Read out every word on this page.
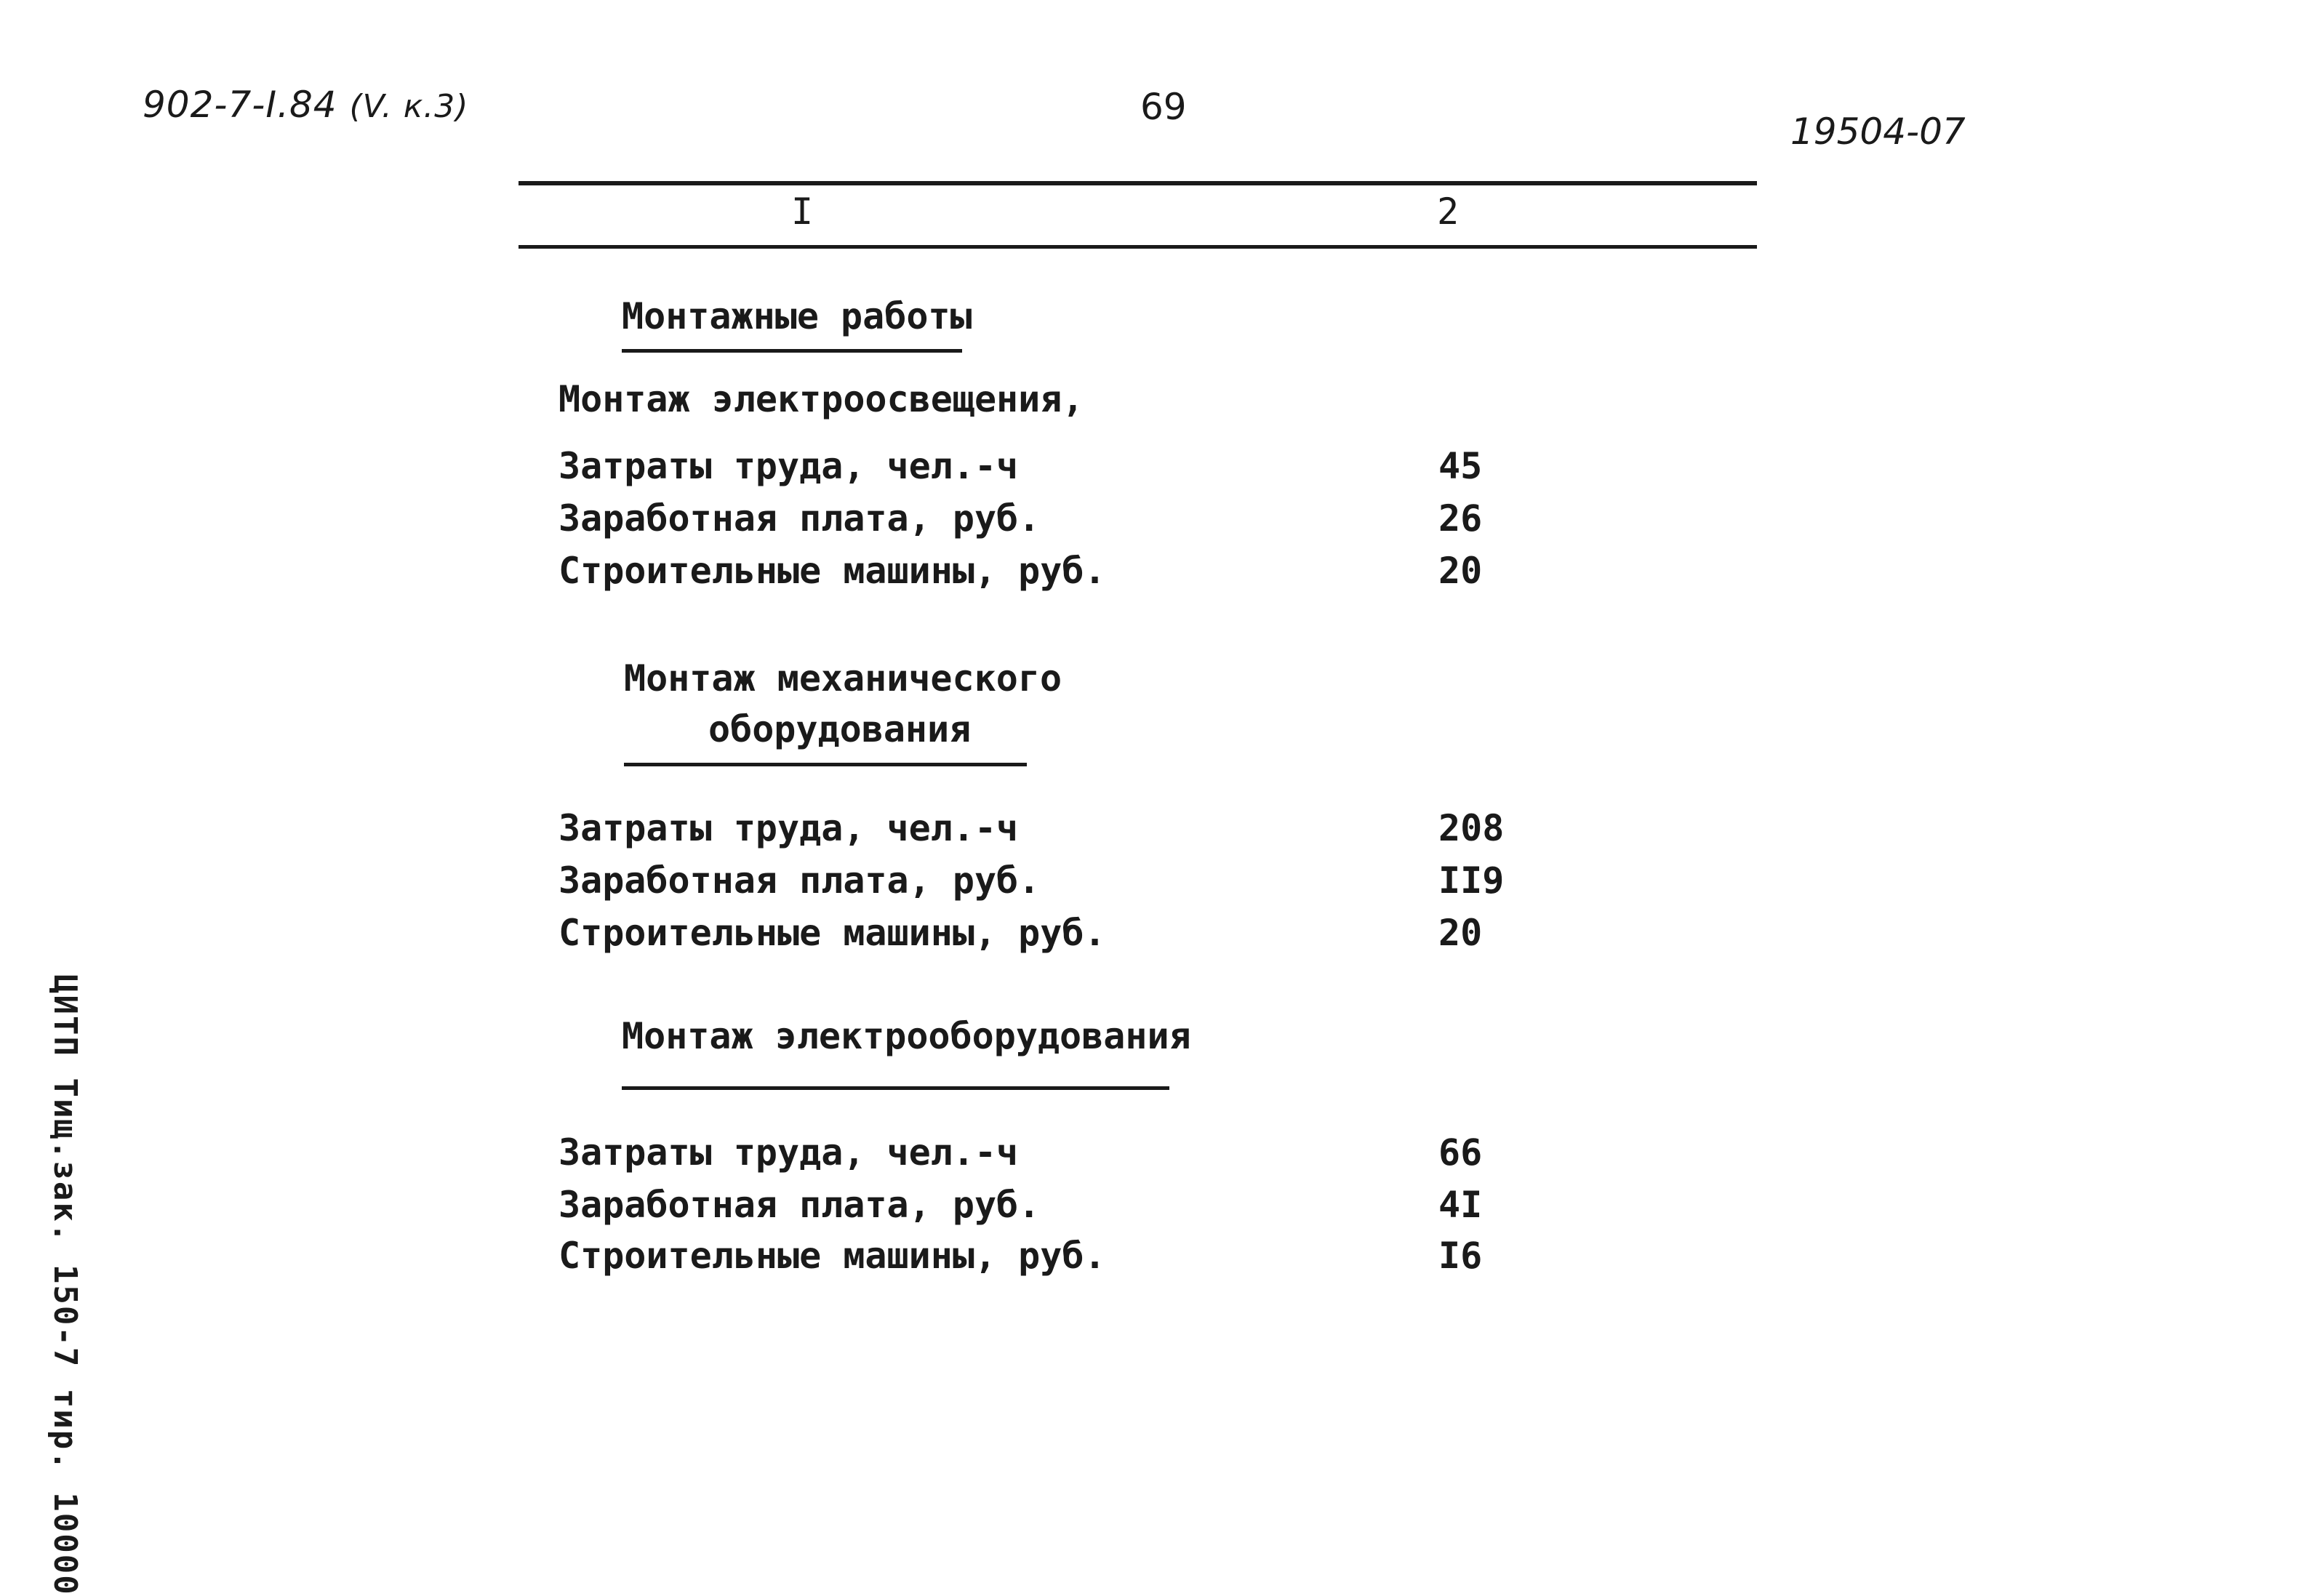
902-7-I.84 (V. к.3)	69
19504-07
I	2
Монтажные работы
Монтаж электроосвещения,
Затраты труда, чел.-ч	45
Заработная плата, руб.	26
Строительные машины, руб.	20
Монтаж механического
оборудования
Затраты труда, чел.-ч	208
Заработная плата, руб.	II9
Строительные машины, руб.	20
Монтаж электрооборудования
Затраты труда, чел.-ч	66
Заработная плата, руб.	4I
Строительные машины, руб.	I6
ЦИТП Тищ.зак. 150-7 тир. 10000
